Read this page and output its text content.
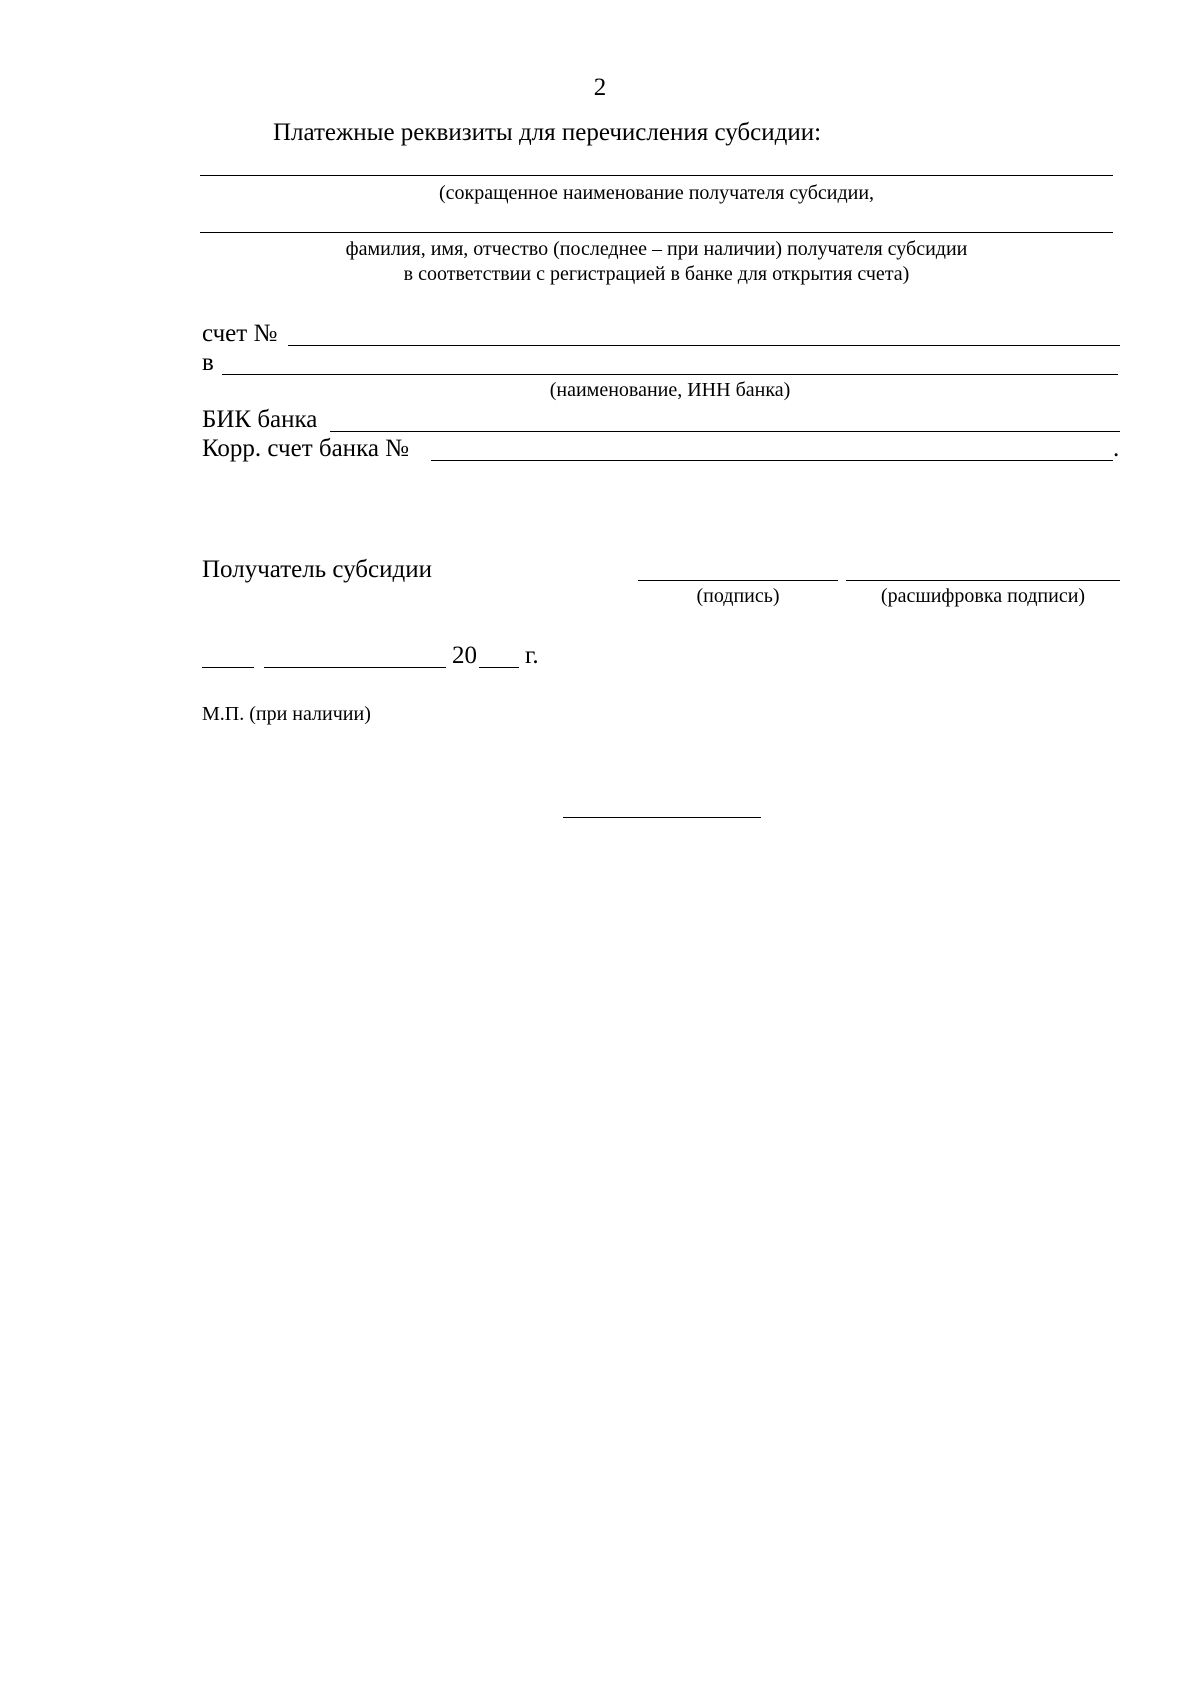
2
Платежные реквизиты для перечисления субсидии:
(сокращенное наименование получателя субсидии,
фамилия, имя, отчество (последнее – при наличии) получателя субсидии
в соответствии с регистрацией в банке для открытия счета)
счет №
в
(наименование, ИНН банка)
БИК банка
Корр. счет банка №	.
Получатель субсидии
(подпись)	(расшифровка подписи)
20 г.
М.П. (при наличии)
